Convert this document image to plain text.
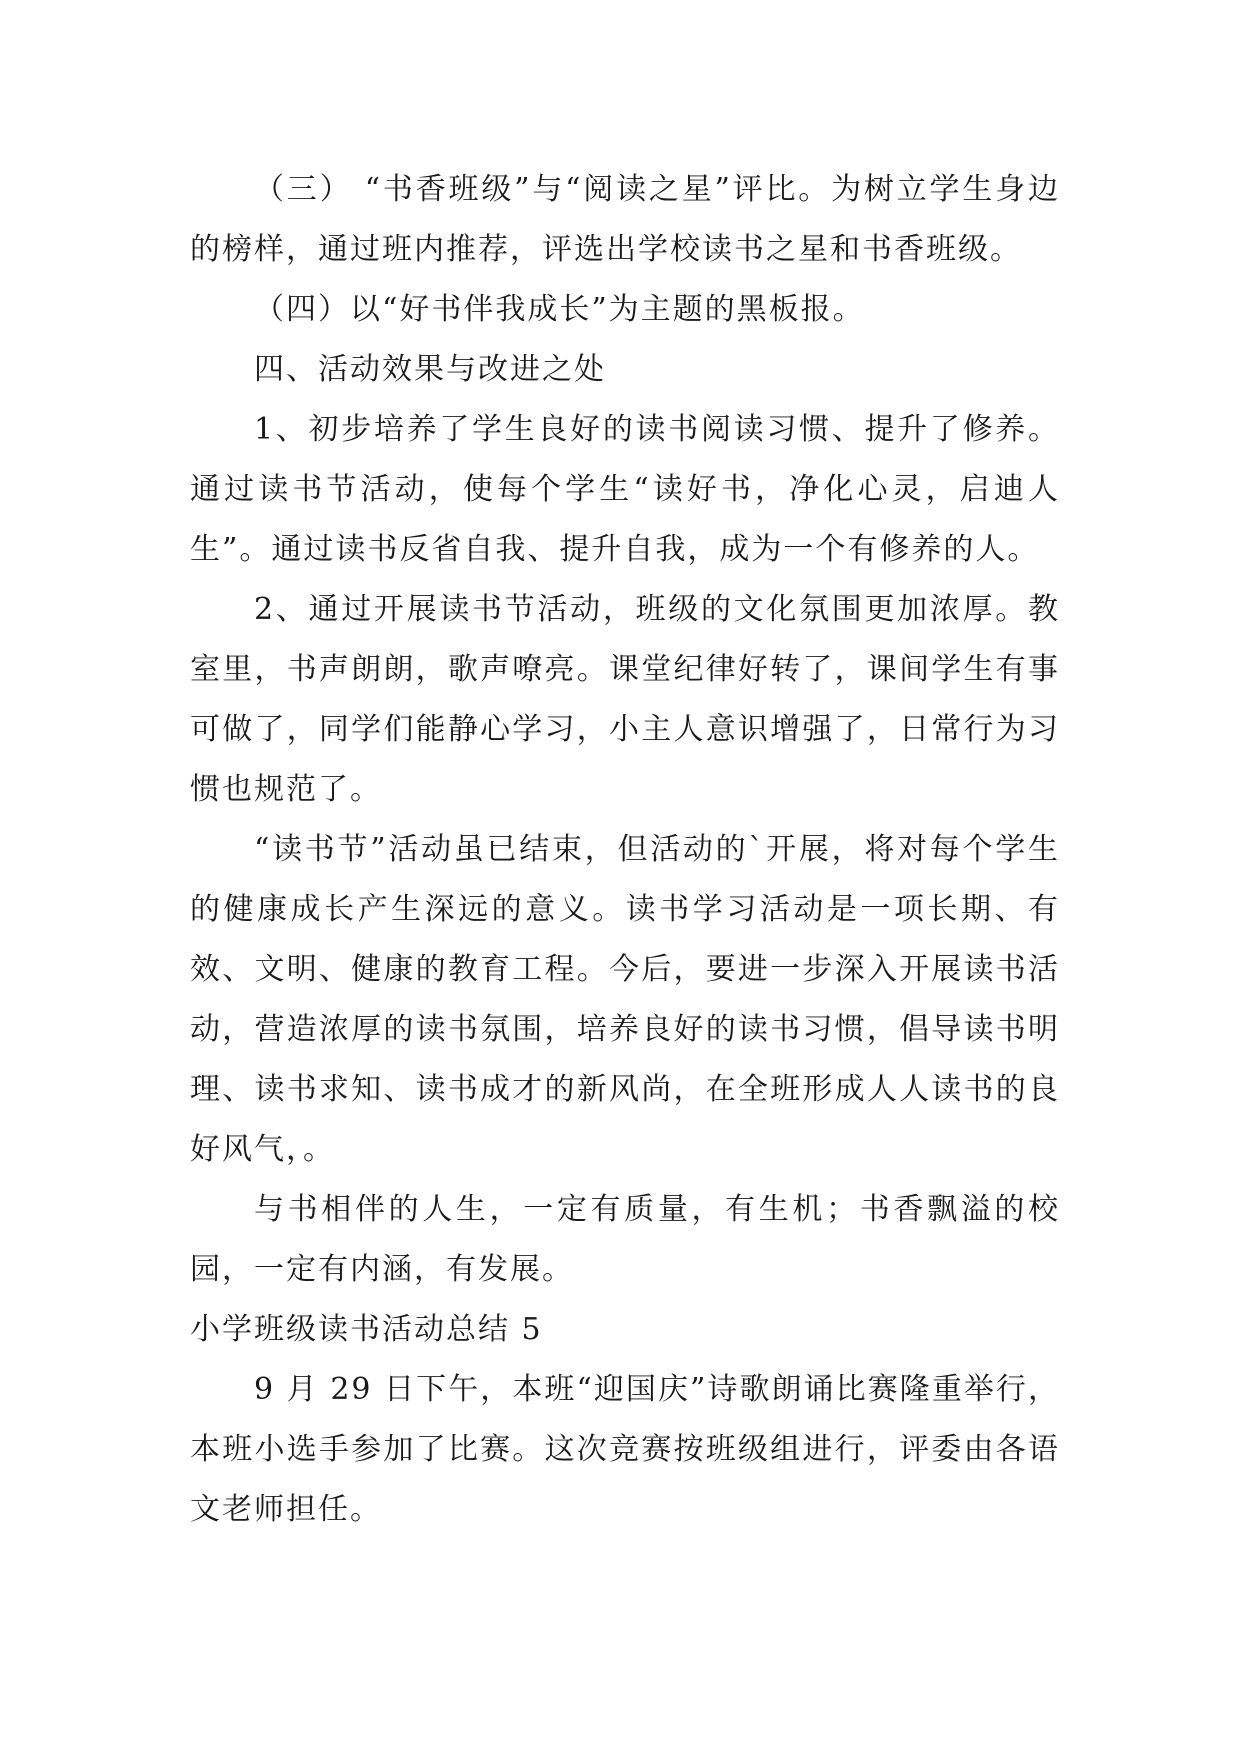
（三） “书香班级”与“阅读之星”评比。为树立学生身边的榜样，通过班内推荐，评选出学校读书之星和书香班级。

（四）以“好书伴我成长”为主题的黑板报。

四、活动效果与改进之处

1、初步培养了学生良好的读书阅读习惯、提升了修养。通过读书节活动，使每个学生“读好书，净化心灵，启迪人生”。通过读书反省自我、提升自我，成为一个有修养的人。

2、通过开展读书节活动，班级的文化氛围更加浓厚。教室里，书声朗朗，歌声嘹亮。课堂纪律好转了，课间学生有事可做了，同学们能静心学习，小主人意识增强了，日常行为习惯也规范了。

“读书节”活动虽已结束，但活动的`开展，将对每个学生的健康成长产生深远的意义。读书学习活动是一项长期、有效、文明、健康的教育工程。今后，要进一步深入开展读书活动，营造浓厚的读书氛围，培养良好的读书习惯，倡导读书明理、读书求知、读书成才的新风尚，在全班形成人人读书的良好风气，。

与书相伴的人生，一定有质量，有生机；书香飘溢的校园，一定有内涵，有发展。

小学班级读书活动总结 5

9 月 29 日下午，本班“迎国庆”诗歌朗诵比赛隆重举行，本班小选手参加了比赛。这次竞赛按班级组进行，评委由各语文老师担任。
